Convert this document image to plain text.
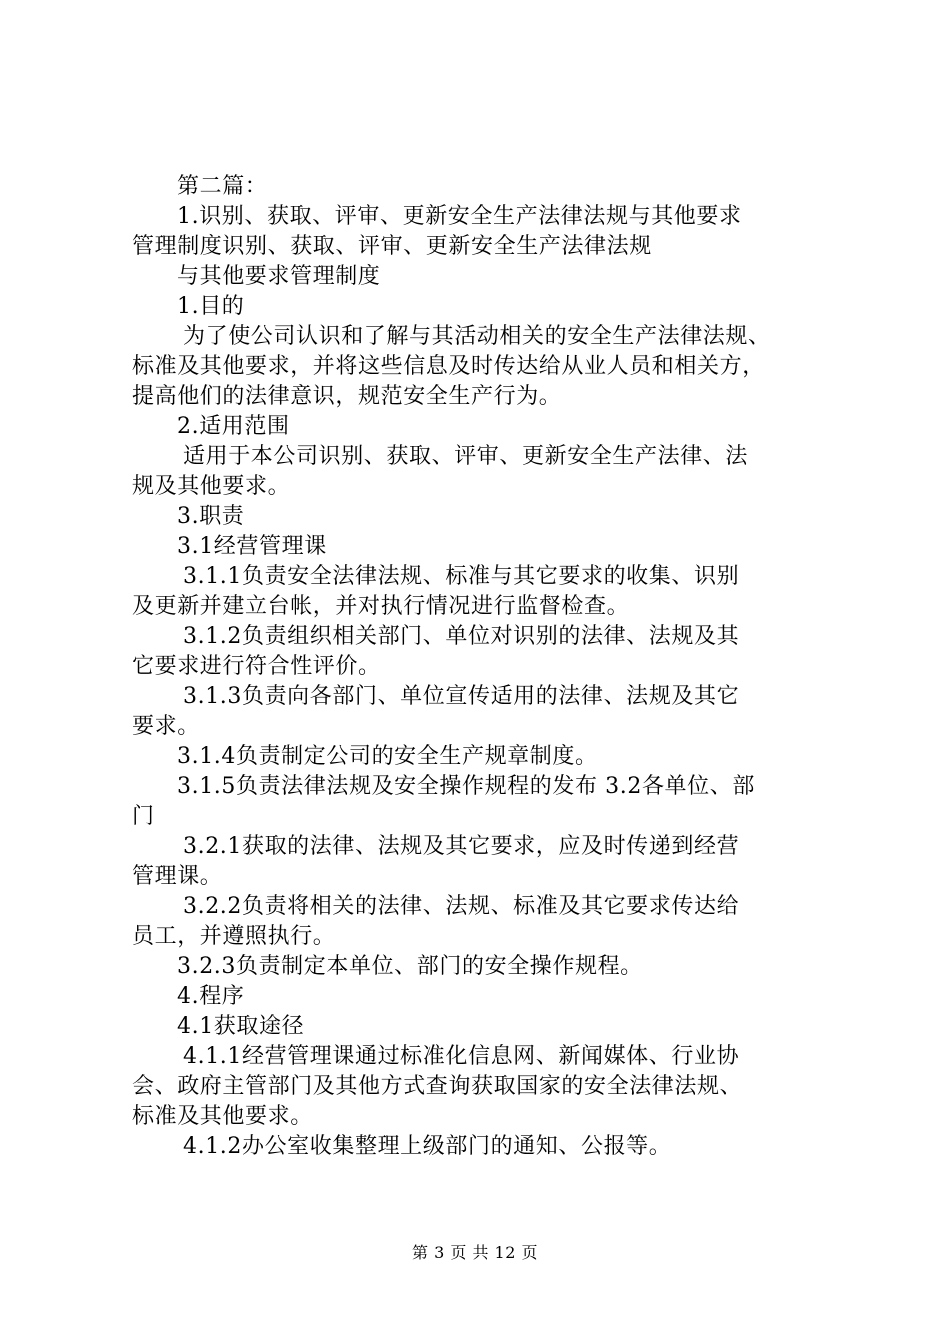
第二篇：
1.识别、获取、评审、更新安全生产法律法规与其他要求
管理制度识别、获取、评审、更新安全生产法律法规
与其他要求管理制度
1.目的
为了使公司认识和了解与其活动相关的安全生产法律法规、
标准及其他要求，并将这些信息及时传达给从业人员和相关方，
提高他们的法律意识，规范安全生产行为。
2.适用范围
适用于本公司识别、获取、评审、更新安全生产法律、法
规及其他要求。
3.职责
3.1经营管理课
3.1.1负责安全法律法规、标准与其它要求的收集、识别
及更新并建立台帐，并对执行情况进行监督检查。
3.1.2负责组织相关部门、单位对识别的法律、法规及其
它要求进行符合性评价。
3.1.3负责向各部门、单位宣传适用的法律、法规及其它
要求。
3.1.4负责制定公司的安全生产规章制度。
3.1.5负责法律法规及安全操作规程的发布 3.2各单位、部
门
3.2.1获取的法律、法规及其它要求，应及时传递到经营
管理课。
3.2.2负责将相关的法律、法规、标准及其它要求传达给
员工，并遵照执行。
3.2.3负责制定本单位、部门的安全操作规程。
4.程序
4.1获取途径
4.1.1经营管理课通过标准化信息网、新闻媒体、行业协
会、政府主管部门及其他方式查询获取国家的安全法律法规、
标准及其他要求。
4.1.2办公室收集整理上级部门的通知、公报等。
第 3 页 共 12 页
